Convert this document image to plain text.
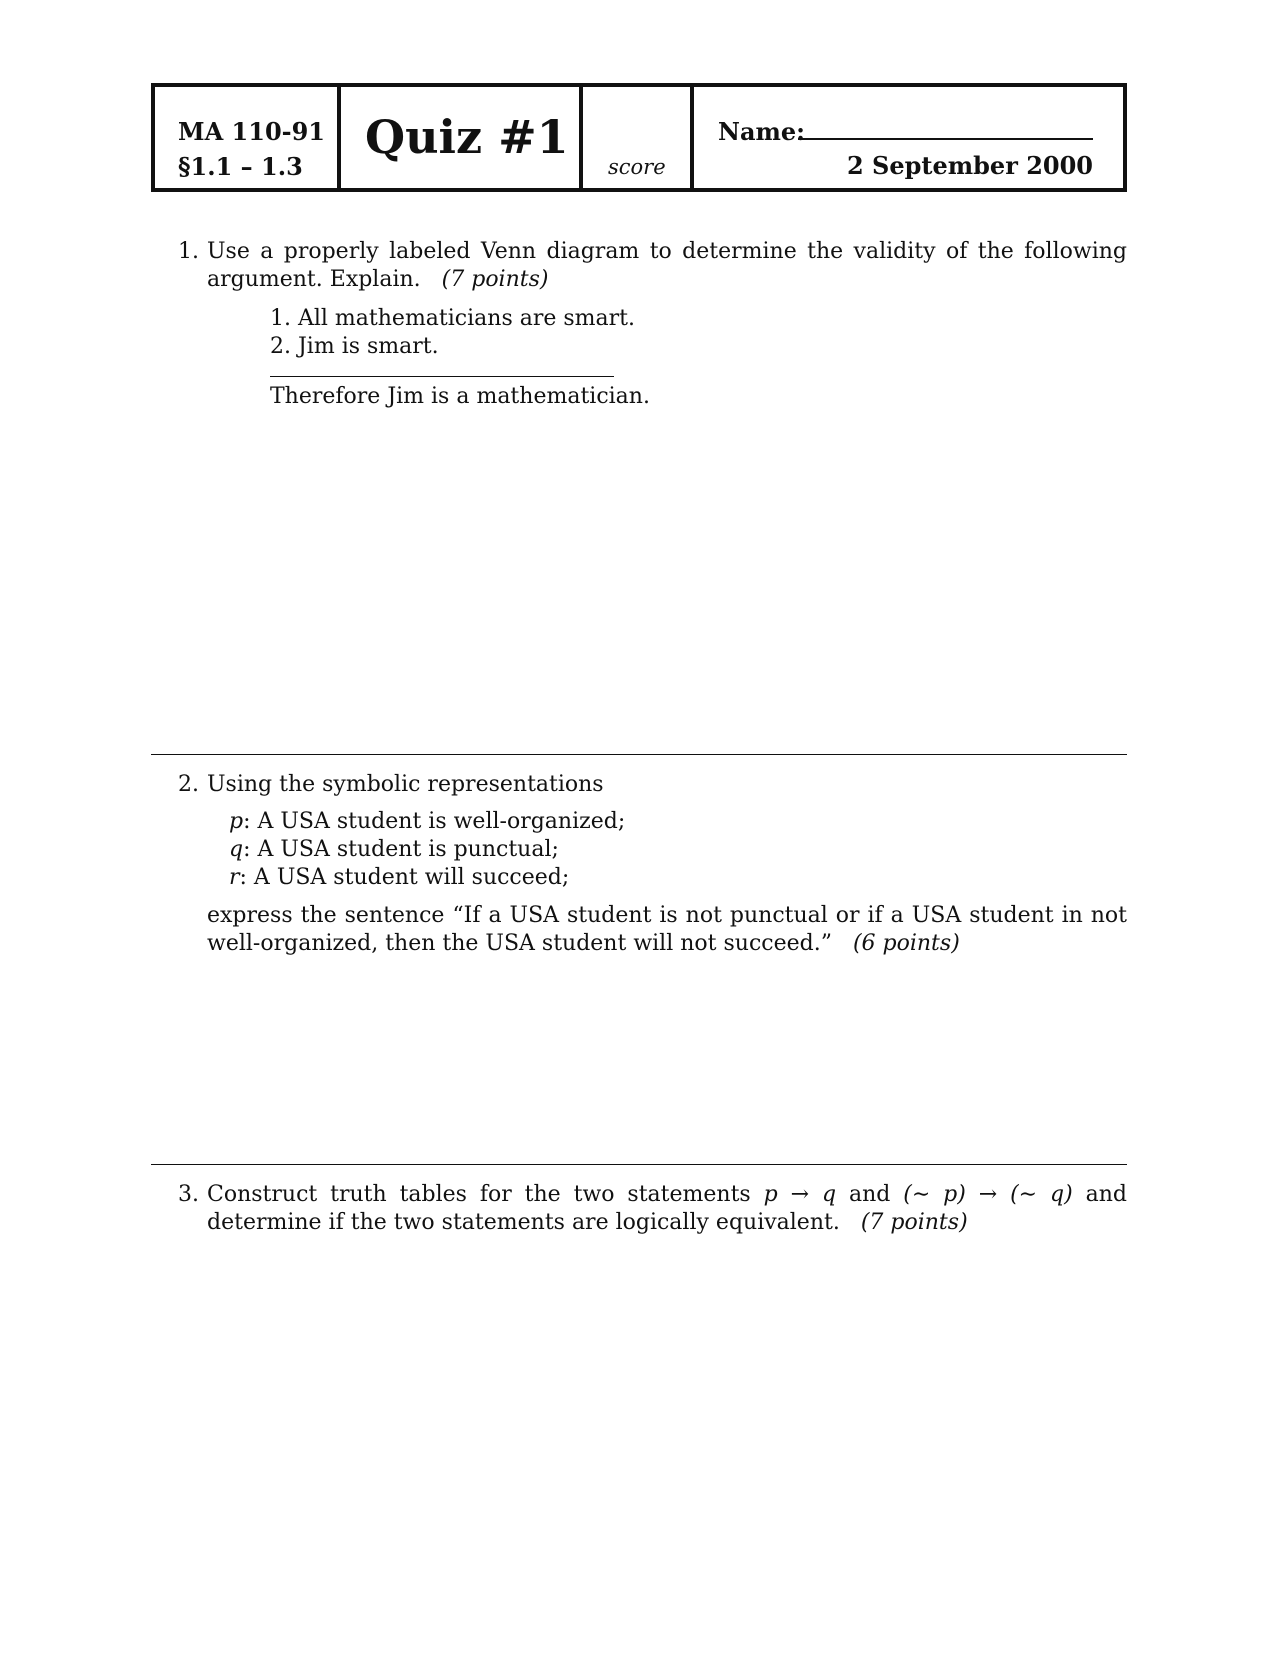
MA 110-91
§1.1 – 1.3
Quiz #1
score
Name:
2 September 2000
1. Use a properly labeled Venn diagram to determine the validity of the following argument. Explain. (7 points)
1. All mathematicians are smart.
2. Jim is smart.
Therefore Jim is a mathematician.
2. Using the symbolic representations
p: A USA student is well-organized;
q: A USA student is punctual;
r: A USA student will succeed;
express the sentence “If a USA student is not punctual or if a USA student in not well-organized, then the USA student will not succeed.” (6 points)
3. Construct truth tables for the two statements p → q and (∼ p) → (∼ q) and determine if the two statements are logically equivalent. (7 points)
